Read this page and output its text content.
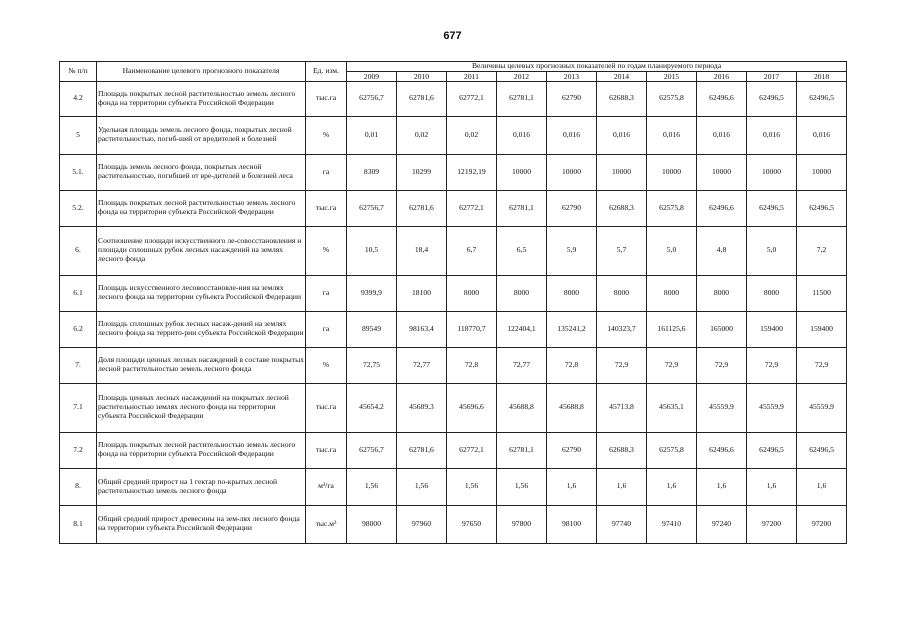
677
№ п/п	Наименование целевого прогнозного показателя	Ед. изм.	Величины целевых прогнозных показателей по годам планируемого периода									
			2009	2010	2011	2012	2013	2014	2015	2016	2017	2018
4.2	Площадь покрытых лесной растительностью земель лесного фонда на территории субъекта Российской Федерации	тыс.га	62756,7	62781,6	62772,1	62781,1	62790	62688,3	62575,8	62496,6	62496,5	62496,5
5	Удельная площадь земель лесного фонда, покрытых лесной растительностью, погиб-шей от вредителей и болезней	%	0,01	0,02	0,02	0,016	0,016	0,016	0,016	0,016	0,016	0,016
5.1.	Площадь земель лесного фонда, покрытых лесной растительностью, погибшей от вре-дителей и болезней леса	га	8309	10299	12192,19	10000	10000	10000	10000	10000	10000	10000
5.2.	Площадь покрытых лесной растительностью земель лесного фонда на территории субъекта Российской Федерации	тыс.га	62756,7	62781,6	62772,1	62781,1	62790	62688,3	62575,8	62496,6	62496,5	62496,5
6.	Соотношение площади искусственного ле-совосстановления и площади сплошных рубок лесных насаждений на землях лесного фонда	%	10,5	18,4	6,7	6,5	5,9	5,7	5,0	4,8	5,0	7,2
6.1	Площадь искусственного лесовосстановле-ния на землях лесного фонда на территории субъекта Российской Федерации	га	9399,9	18100	8000	8000	8000	8000	8000	8000	8000	11500
6.2	Площадь сплошных рубок лесных насаж-дений на землях лесного фонда на террито-рии субъекта Российской Федерации	га	89549	98163,4	118770,7	122404,1	135241,2	140323,7	161125,6	165000	159400	159400
7.	Доля площади ценных лесных насаждений в составе покрытых лесной растительностью земель лесного фонда	%	72,75	72,77	72,8	72,77	72,8	72,9	72,9	72,9	72,9	72,9
7.1	Площадь ценных лесных насаждений на покрытых лесной растительностью землях лесного фонда на территории субъекта Российской Федерации	тыс.га	45654,2	45689,3	45696,6	45688,8	45688,8	45713,8	45635,1	45559,9	45559,9	45559,9
7.2	Площадь покрытых лесной растительностью земель лесного фонда на территории субъекта Российской Федерации	тыс.га	62756,7	62781,6	62772,1	62781,1	62790	62688,3	62575,8	62496,6	62496,5	62496,5
8.	Общий средний прирост на 1 гектар по-крытых лесной растительностью земель лесного фонда	м³/га	1,56	1,56	1,56	1,56	1,6	1,6	1,6	1,6	1,6	1,6
8.1	Общий средний прирост древесины на зем-лях лесного фонда на территории субъекта Российской Федерации	тыс.м³	98000	97960	97650	97800	98100	97740	97410	97240	97200	97200
